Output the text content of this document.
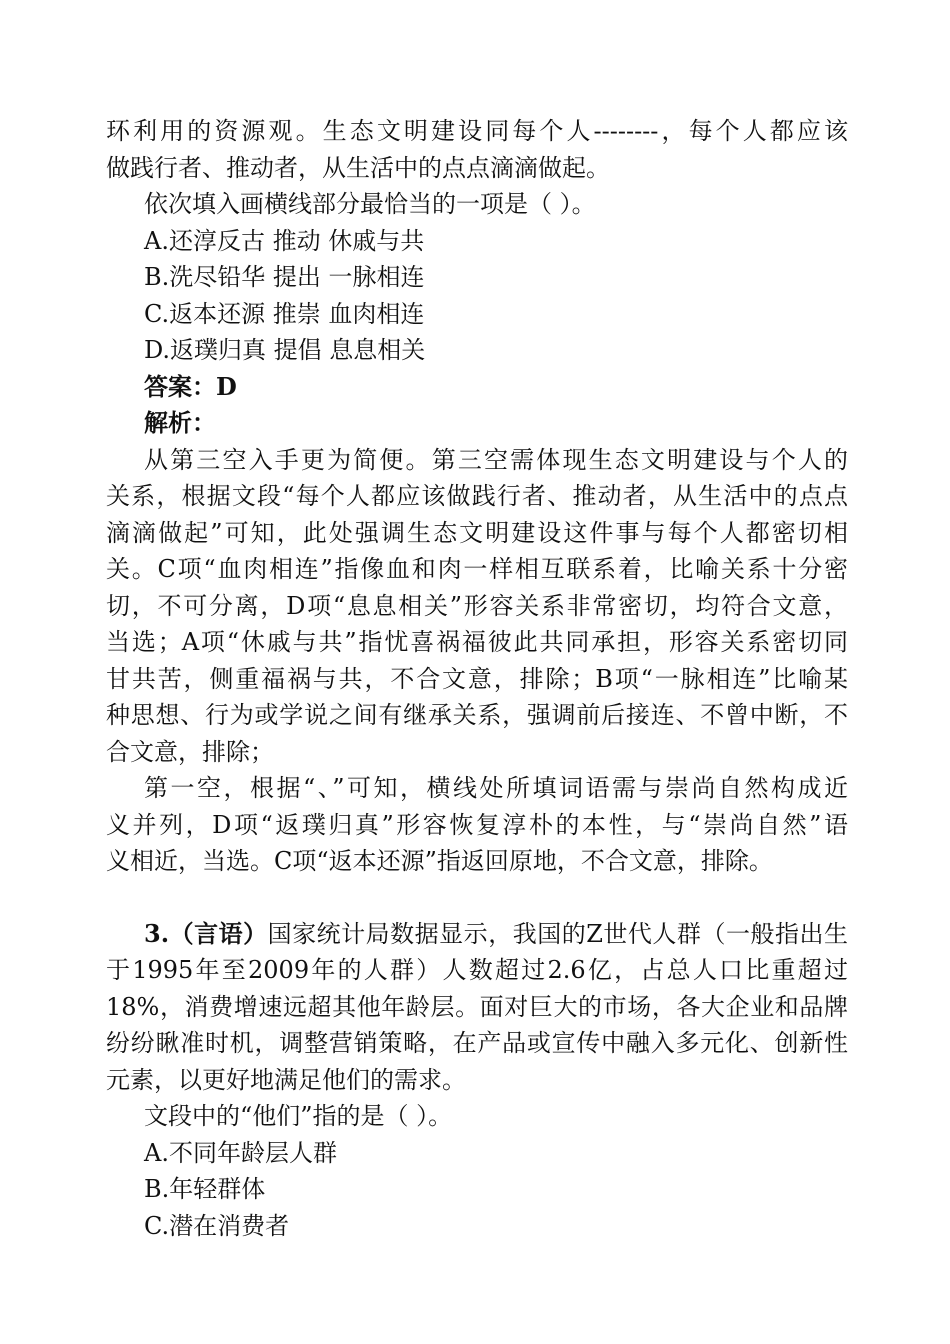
环利用的资源观。生态文明建设同每个人--------，每个人都应该
做践行者、推动者，从生活中的点点滴滴做起。
依次填入画横线部分最恰当的一项是（ ）。
A.还淳反古 推动 休戚与共
B.洗尽铅华 提出 一脉相连
C.返本还源 推崇 血肉相连
D.返璞归真 提倡 息息相关
答案：D
解析：
从第三空入手更为简便。第三空需体现生态文明建设与个人的
关系，根据文段“每个人都应该做践行者、推动者，从生活中的点点
滴滴做起”可知，此处强调生态文明建设这件事与每个人都密切相
关。C项“血肉相连”指像血和肉一样相互联系着，比喻关系十分密
切，不可分离，D项“息息相关”形容关系非常密切，均符合文意，
当选；A项“休戚与共”指忧喜祸福彼此共同承担，形容关系密切同
甘共苦，侧重福祸与共，不合文意，排除；B项“一脉相连”比喻某
种思想、行为或学说之间有继承关系，强调前后接连、不曾中断，不
合文意，排除；
第一空，根据“、”可知，横线处所填词语需与崇尚自然构成近
义并列，D项“返璞归真”形容恢复淳朴的本性，与“崇尚自然”语
义相近，当选。C项“返本还源”指返回原地，不合文意，排除。
3.（言语）国家统计局数据显示，我国的Z世代人群（一般指出生
于1995年至2009年的人群）人数超过2.6亿，占总人口比重超过
18%，消费增速远超其他年龄层。面对巨大的市场，各大企业和品牌
纷纷瞅准时机，调整营销策略，在产品或宣传中融入多元化、创新性
元素，以更好地满足他们的需求。
文段中的“他们”指的是（ ）。
A.不同年龄层人群
B.年轻群体
C.潜在消费者
